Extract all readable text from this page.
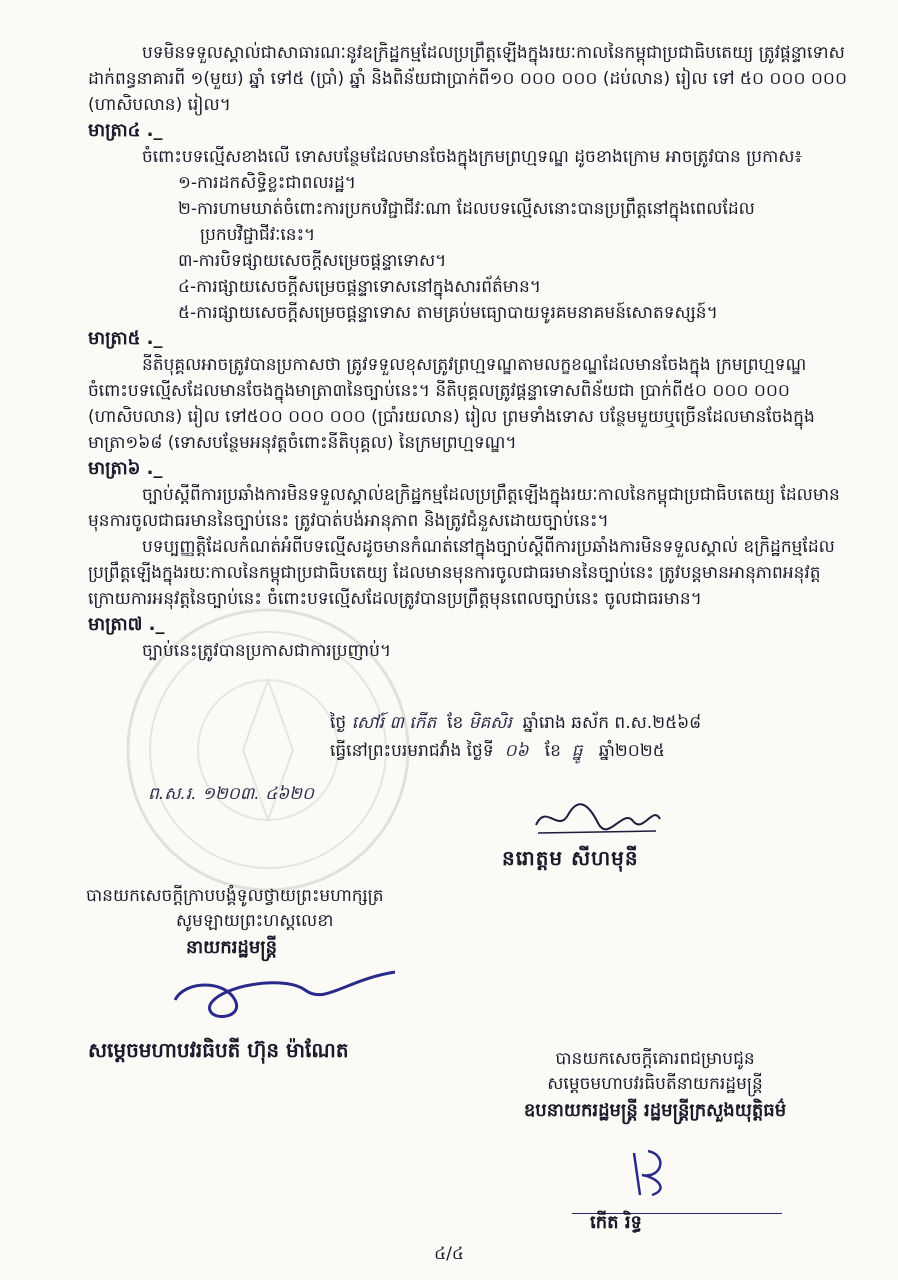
បទមិនទទួលស្គាល់ជាសាធារណៈនូវឧក្រិដ្ឋកម្មដែលប្រព្រឹត្តឡើងក្នុងរយៈកាលនៃកម្ពុជាប្រជាធិបតេយ្យ ត្រូវផ្តន្ទាទោសដាក់ពន្ធនាគារពី ១(មួយ) ឆ្នាំ ទៅ៥ (ប្រាំ) ឆ្នាំ និងពិន័យជាប្រាក់ពី១០ ០០០ ០០០ (ដប់លាន) រៀល ទៅ ៥០ ០០០ ០០០ (ហាសិបលាន) រៀល។

មាត្រា៤ ._

ចំពោះបទល្មើសខាងលើ ទោសបន្ថែមដែលមានចែងក្នុងក្រមព្រហ្មទណ្ឌ ដូចខាងក្រោម អាចត្រូវបាន ប្រកាស៖

១-ការដកសិទ្ធិខ្លះជាពលរដ្ឋ។

២-ការហាមឃាត់ចំពោះការប្រកបវិជ្ជាជីវៈណា ដែលបទល្មើសនោះបានប្រព្រឹត្តនៅក្នុងពេលដែល

ប្រកបវិជ្ជាជីវៈនេះ។

៣-ការបិទផ្សាយសេចក្តីសម្រេចផ្តន្ទាទោស។

៤-ការផ្សាយសេចក្តីសម្រេចផ្តន្ទាទោសនៅក្នុងសារព័ត៌មាន។

៥-ការផ្សាយសេចក្តីសម្រេចផ្តន្ទាទោស តាមគ្រប់មធ្យោបាយទូរគមនាគមន៍សោតទស្សន៍។

មាត្រា៥ ._

នីតិបុគ្គលអាចត្រូវបានប្រកាសថា ត្រូវទទួលខុសត្រូវព្រហ្មទណ្ឌតាមលក្ខខណ្ឌដែលមានចែងក្នុង ក្រមព្រហ្មទណ្ឌ ចំពោះបទល្មើសដែលមានចែងក្នុងមាត្រា៣នៃច្បាប់នេះ។ នីតិបុគ្គលត្រូវផ្តន្ទាទោសពិន័យជា ប្រាក់ពី៥០ ០០០ ០០០ (ហាសិបលាន) រៀល ទៅ៥០០ ០០០ ០០០ (ប្រាំរយលាន) រៀល ព្រមទាំងទោស បន្ថែមមួយឬច្រើនដែលមានចែងក្នុងមាត្រា១៦៨ (ទោសបន្ថែមអនុវត្តចំពោះនីតិបុគ្គល) នៃក្រមព្រហ្មទណ្ឌ។

មាត្រា៦ ._

ច្បាប់ស្តីពីការប្រឆាំងការមិនទទួលស្គាល់ឧក្រិដ្ឋកម្មដែលប្រព្រឹត្តឡើងក្នុងរយៈកាលនៃកម្ពុជាប្រជាធិបតេយ្យ ដែលមានមុនការចូលជាធរមាននៃច្បាប់នេះ ត្រូវបាត់បង់អានុភាព និងត្រូវជំនួសដោយច្បាប់នេះ។

បទប្បញ្ញត្តិដែលកំណត់អំពីបទល្មើសដូចមានកំណត់នៅក្នុងច្បាប់ស្តីពីការប្រឆាំងការមិនទទួលស្គាល់ ឧក្រិដ្ឋកម្មដែលប្រព្រឹត្តឡើងក្នុងរយៈកាលនៃកម្ពុជាប្រជាធិបតេយ្យ ដែលមានមុនការចូលជាធរមាននៃច្បាប់នេះ ត្រូវបន្តមានអានុភាពអនុវត្តក្រោយការអនុវត្តនៃច្បាប់នេះ ចំពោះបទល្មើសដែលត្រូវបានប្រព្រឹត្តមុនពេលច្បាប់នេះ ចូលជាធរមាន។

មាត្រា៧ ._

ច្បាប់នេះត្រូវបានប្រកាសជាការប្រញាប់។

ថ្ងៃ សៅរ៍ ៣ កើត ខែ មិគសិរ ឆ្នាំរោង ឆស័ក ព.ស.២៥៦៨
ធ្វើនៅព្រះបរមរាជវាំង ថ្ងៃទី ០៦ ខែ ធ្នូ ឆ្នាំ២០២៥
ព.ស.រ. ១២០៣. ៤៦២០
នរោត្តម សីហមុនី
បានយកសេចក្តីក្រាបបង្គំទូលថ្វាយព្រះមហាក្សត្រ
សូមឡាយព្រះហស្តលេខា
នាយករដ្ឋមន្ត្រី
សម្តេចមហាបវរធិបតី ហ៊ុន ម៉ាណែត	បានយកសេចក្តីគោរពជម្រាបជូន
សម្តេចមហាបវរធិបតីនាយករដ្ឋមន្ត្រី
ឧបនាយករដ្ឋមន្ត្រី រដ្ឋមន្ត្រីក្រសួងយុត្តិធម៌
កើត រិទ្ធ
៤/៤
